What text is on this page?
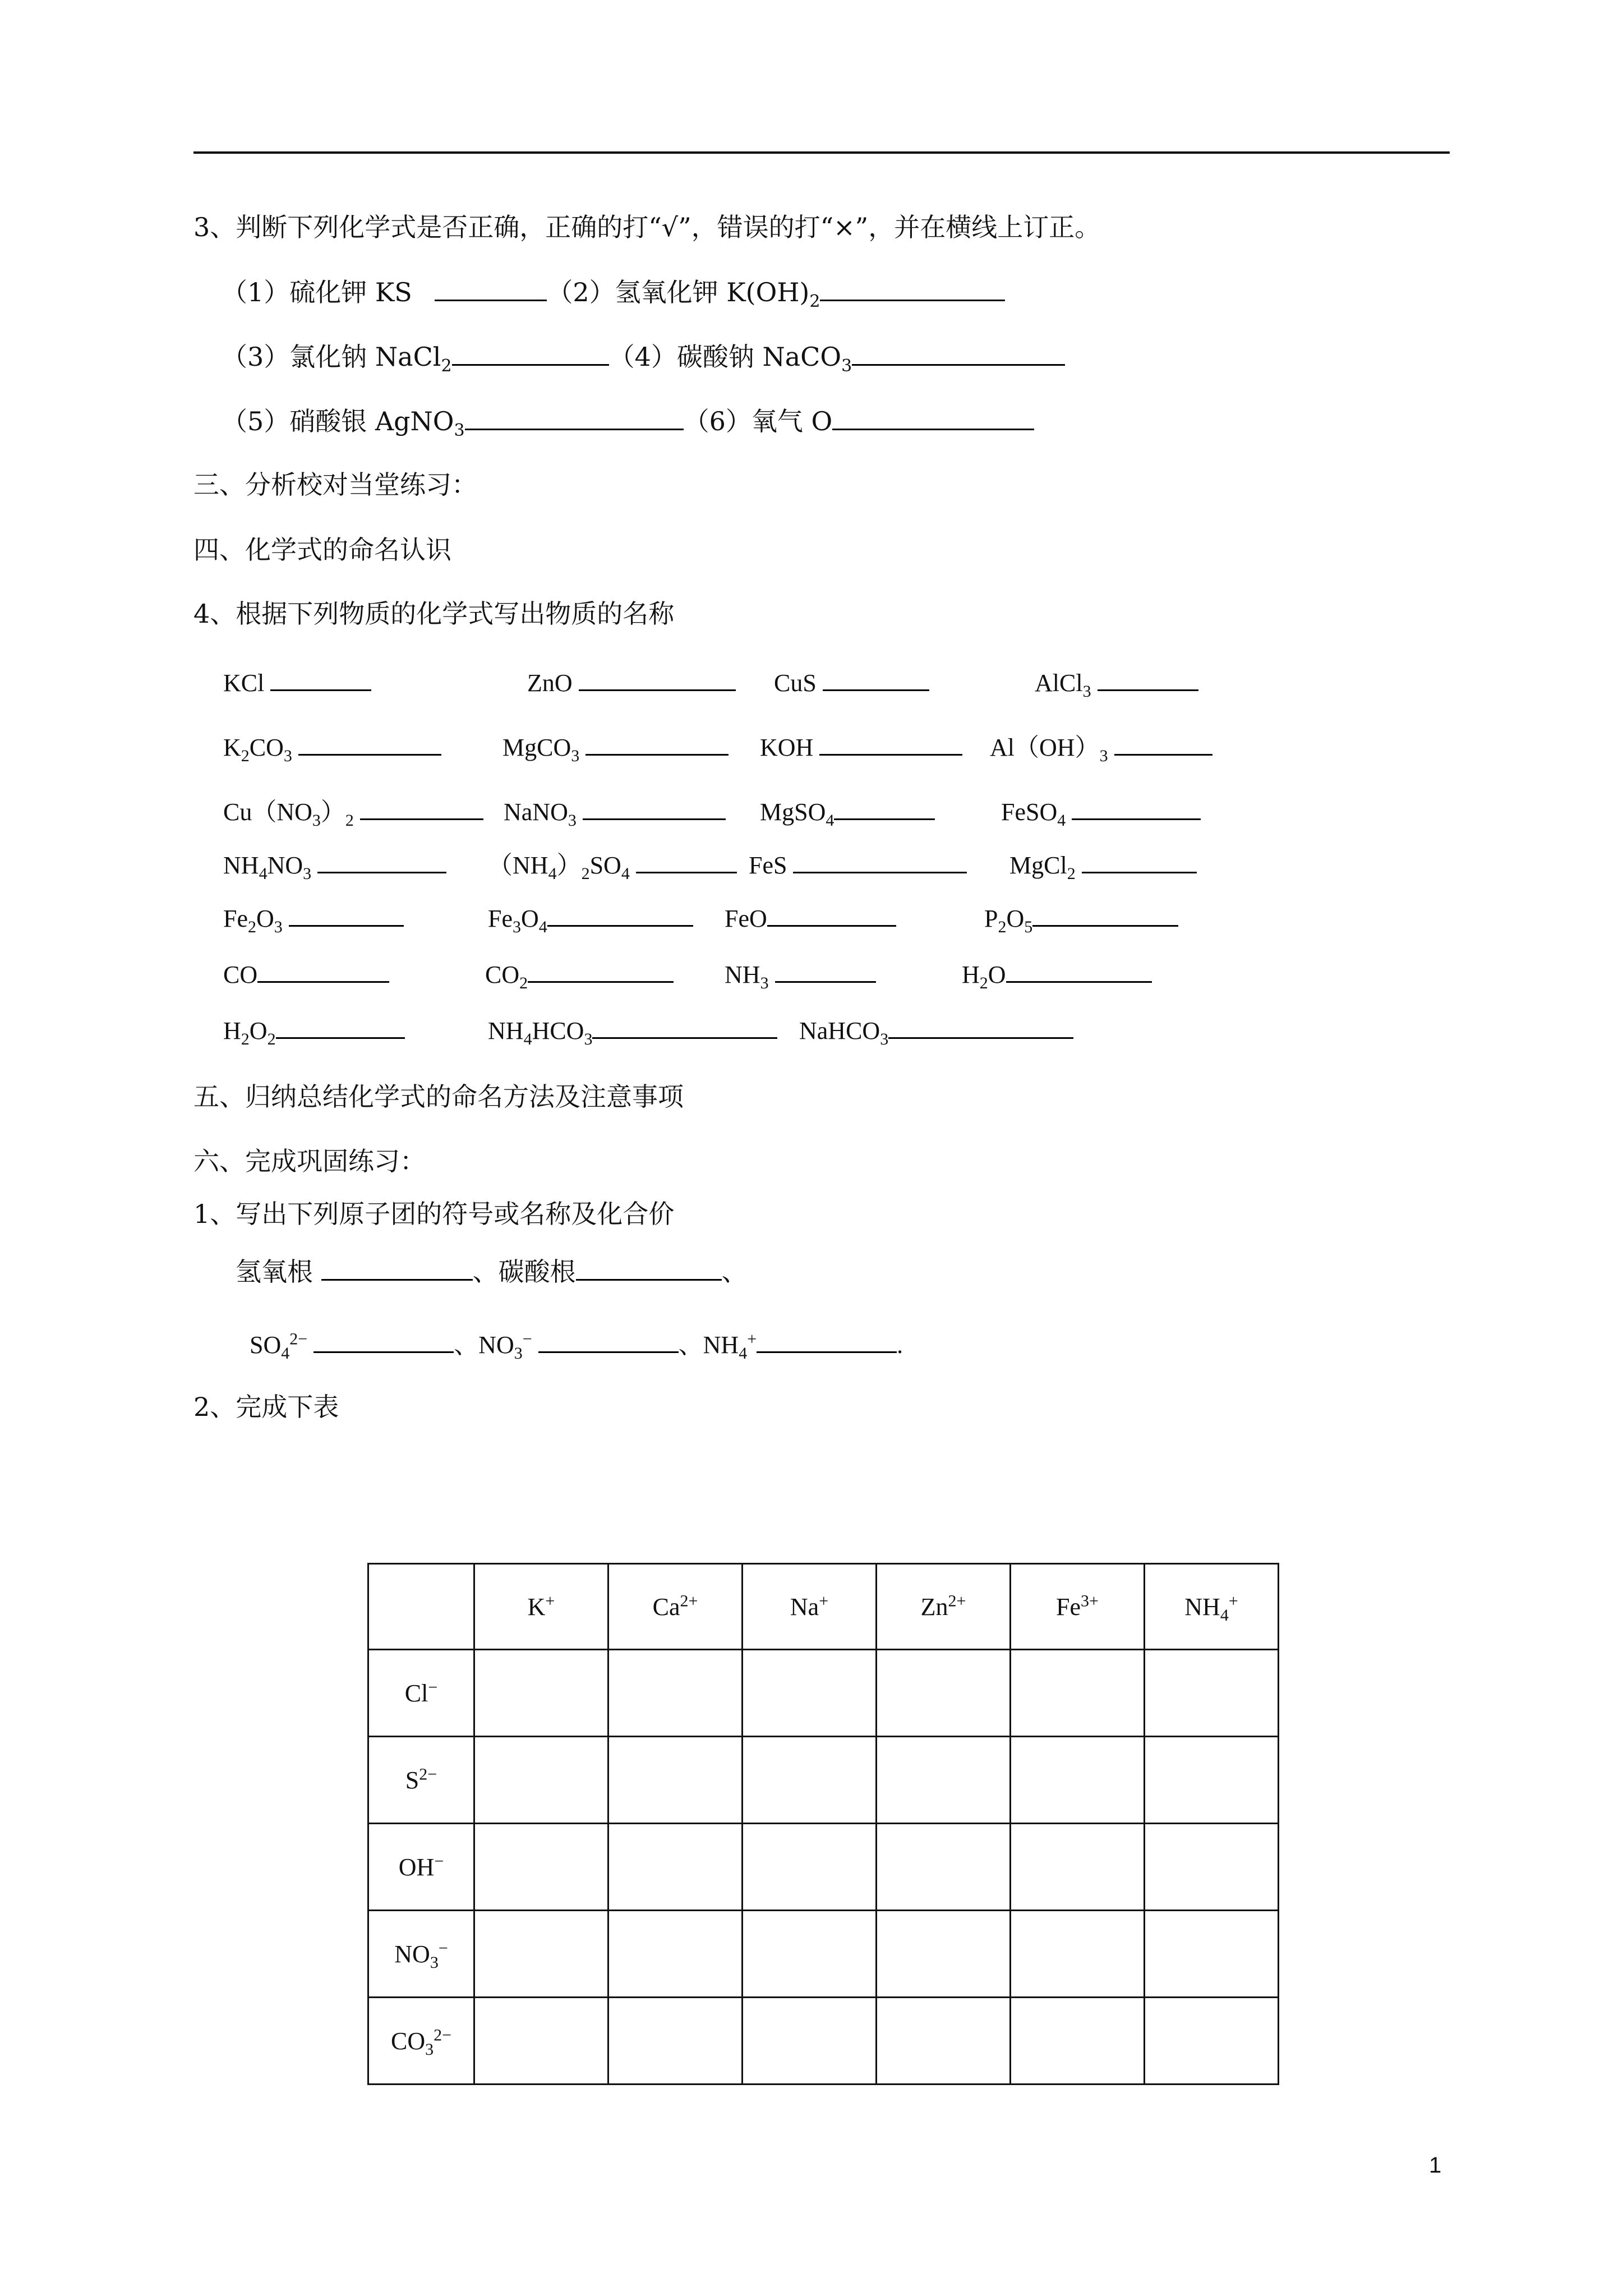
3、判断下列化学式是否正确，正确的打“√”，错误的打“×”，并在横线上订正。
（1）硫化钾 KS	（2）氢氧化钾 $K(OH)_2$
（3）氯化钠 NaCl$_2$	（4）碳酸钠 NaCO$_3$
（5）硝酸银 AgNO$_3$	（6）氧气 O
三、分析校对当堂练习：
四、化学式的命名认识
4、根据下列物质的化学式写出物质的名称
KCl	ZnO	CuS	AlCl$_3$
$K_2CO_3$	MgCO$_3$	KOH	$Al(OH)_3$
$Cu(NO_3)_2$	NaNO$_3$	MgSO$_4$	FeSO$_4$
$NH_4NO_3$	$(NH_4)_2SO_4$	FeS	MgCl$_2$
$Fe_2O_3$	$Fe_3O_4$	FeO	$P_2O_5$
CO	$CO_2$	$NH_3$	$H_2O$
$H_2O_2$	$NH_4HCO_3$	NaHCO$_3$
五、归纳总结化学式的命名方法及注意事项
六、完成巩固练习：
1、写出下列原子团的符号或名称及化合价
氢氧根	、碳酸根	、
$SO_4^{2-}$	、$NO_3^-$	、$NH_4^+$	.
2、完成下表
	K+	$Ca^{2+}$	Na+	$Zn^{2+}$	$Fe^{3+}$	$NH_4^+$
Cl−						
$S^{2-}$						
OH−						
$NO_3^-$						
$CO_3^{2-}$						
1
